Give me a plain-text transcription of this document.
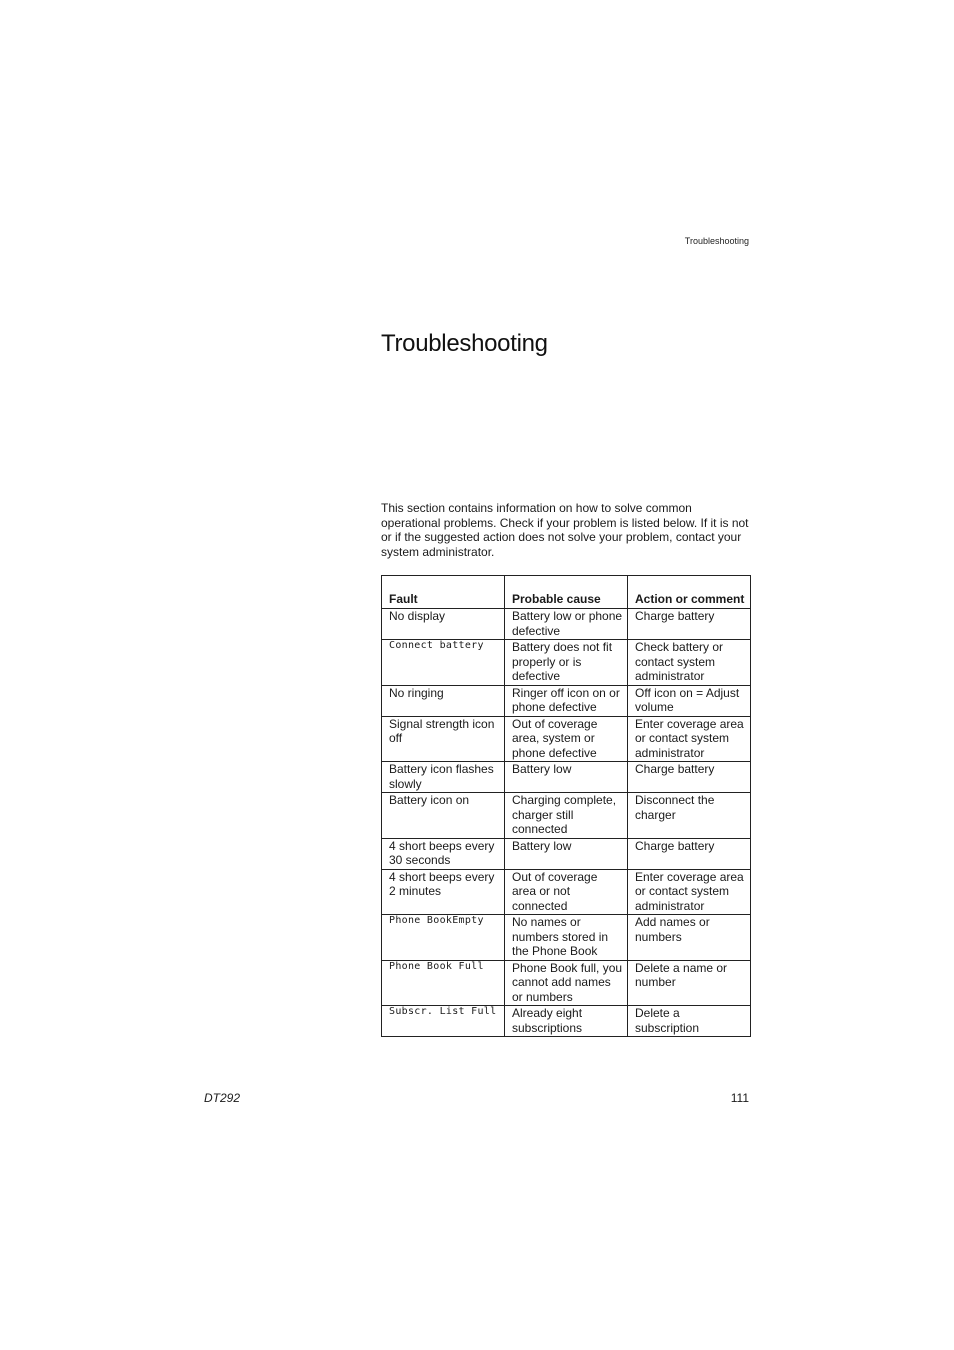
Troubleshooting
Troubleshooting

This section contains information on how to solve common operational problems. Check if your problem is listed below. If it is not or if the suggested action does not solve your problem, contact your system administrator.

Fault	Probable cause	Action or comment
No display	Battery low or phone defective	Charge battery

Connect battery	Battery does not fit properly or is defective	Check battery or contact system administrator
No ringing	Ringer off icon on or phone defective	Off icon on = Adjust volume
Signal strength icon off	Out of coverage area, system or phone defective	Enter coverage area or contact system administrator
Battery icon flashes slowly	Battery low	Charge battery
Battery icon on	Charging complete, charger still connected	Disconnect the charger
4 short beeps every 30 seconds	Battery low	Charge battery
4 short beeps every 2 minutes	Out of coverage area or not connected	Enter coverage area or contact system administrator

Phone BookEmpty	No names or numbers stored in the Phone Book	Add names or numbers

Phone Book Full	Phone Book full, you cannot add names or numbers	Delete a name or number

Subscr. List Full	Already eight subscriptions	Delete a subscription
DT292	111
